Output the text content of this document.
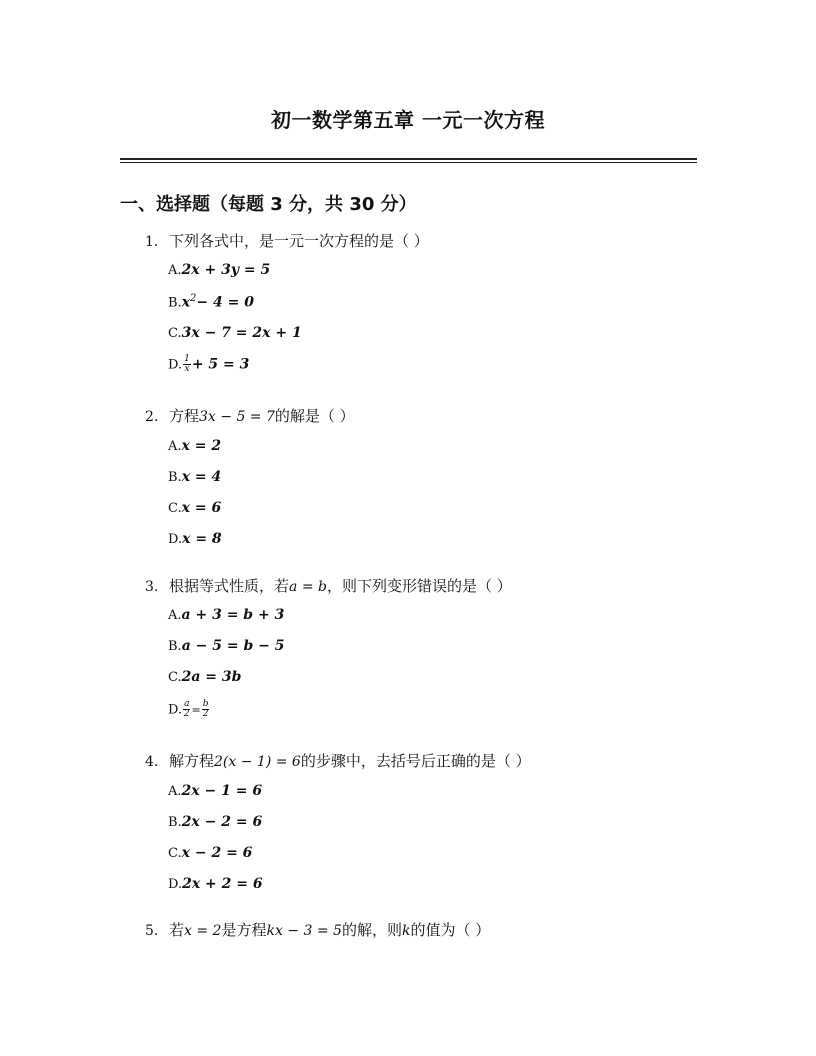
初一数学第五章 一元一次方程
一、选择题（每题 3 分，共 30 分）
1. 下列各式中，是一元一次方程的是（ ）
A.2x + 3y = 5
$B.x^2- 4 = 0$
C.3x − 7 = 2x + 1
D. $\frac{1}{x} + 5 = 3$
2. 方程3x − 5 = 7的解是（ ）
A.x = 2
B.x = 4
C.x = 6
D.x = 8
3. 根据等式性质，若a = b，则下列变形错误的是（ ）
A.a + 3 = b + 3
B.a − 5 = b − 5
C.2a = 3b
D. $\frac{a}{2} = \frac{b}{2}$
4. 解方程2(x − 1) = 6的步骤中，去括号后正确的是（ ）
A.2x − 1 = 6
B.2x − 2 = 6
C.x − 2 = 6
D.2x + 2 = 6
5. 若x = 2是方程kx − 3 = 5的解，则k的值为（ ）
